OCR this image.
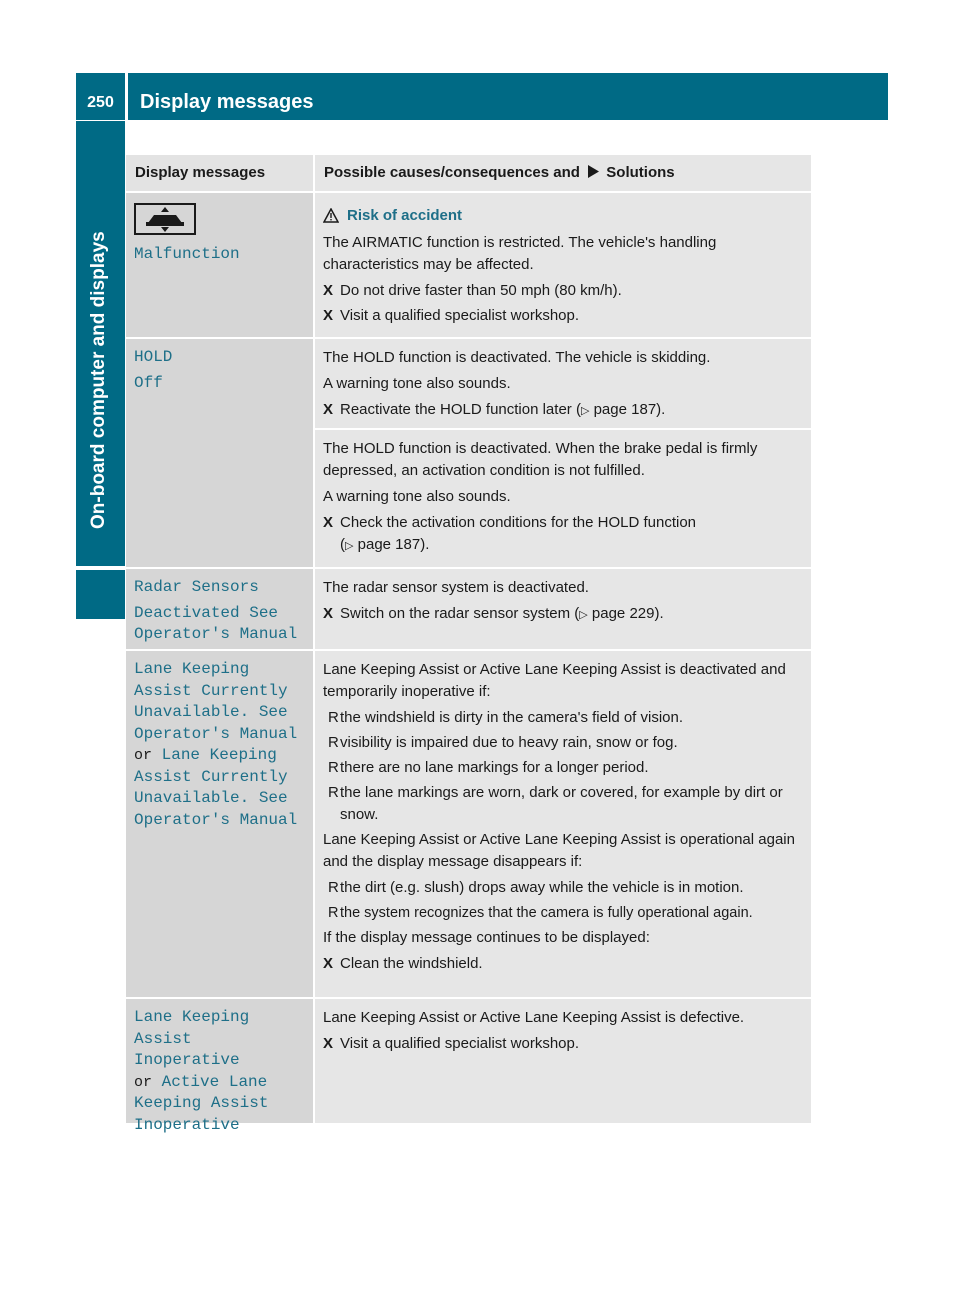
250	Display messages
On-board computer and displays
Display messages	Possible causes/consequences and Solutions
Malfunction
Risk of accident
The AIRMATIC function is restricted. The vehicle's handling characteristics may be affected.
X Do not drive faster than 50 mph (80 km/h).
X Visit a qualified specialist workshop.
HOLD
Off
The HOLD function is deactivated. The vehicle is skidding.
A warning tone also sounds.
X Reactivate the HOLD function later (▷ page 187).
The HOLD function is deactivated. When the brake pedal is firmly depressed, an activation condition is not fulfilled.
A warning tone also sounds.
X Check the activation conditions for the HOLD function
(▷ page 187).
Radar Sensors
Deactivated See Operator's Manual
The radar sensor system is deactivated.
X Switch on the radar sensor system (▷ page 229).
Lane Keeping Assist Currently Unavailable. See Operator's Manual
or Lane Keeping Assist Currently Unavailable. See Operator's Manual
Lane Keeping Assist or Active Lane Keeping Assist is deactivated and temporarily inoperative if:
R the windshield is dirty in the camera's field of vision.
R visibility is impaired due to heavy rain, snow or fog.
R there are no lane markings for a longer period.
R the lane markings are worn, dark or covered, for example by dirt or snow.
Lane Keeping Assist or Active Lane Keeping Assist is operational again and the display message disappears if:
R the dirt (e.g. slush) drops away while the vehicle is in motion.
R the system recognizes that the camera is fully operational again.
If the display message continues to be displayed:
X Clean the windshield.
Lane Keeping Assist Inoperative
or Active Lane Keeping Assist Inoperative
Lane Keeping Assist or Active Lane Keeping Assist is defective.
X Visit a qualified specialist workshop.
